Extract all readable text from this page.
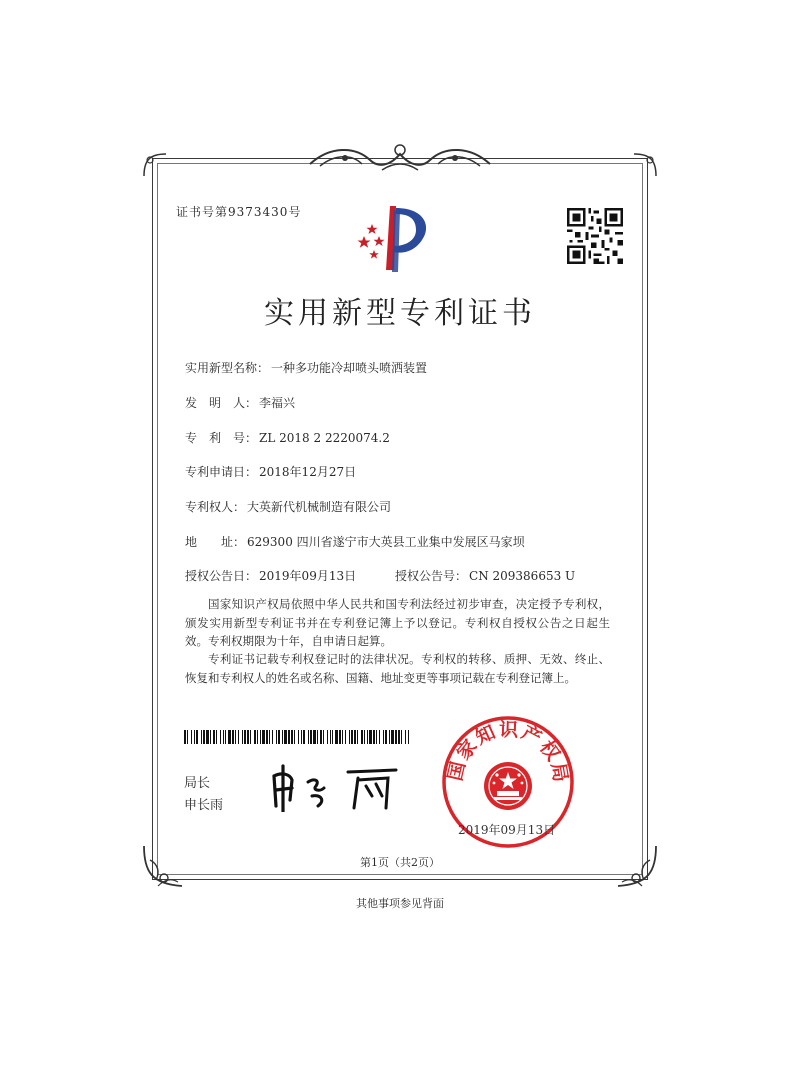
证书号第9373430号
实用新型专利证书
实用新型名称： 一种多功能冷却喷头喷洒装置
发　明　人： 李福兴
专　利　号： ZL 2018 2 2220074.2
专利申请日： 2018年12月27日
专利权人： 大英新代机械制造有限公司
地　　址： 629300 四川省遂宁市大英县工业集中发展区马家坝
授权公告日： 2019年09月13日	授权公告号： CN 209386653 U
国家知识产权局依照中华人民共和国专利法经过初步审查，决定授予专利权，颁发实用新型专利证书并在专利登记簿上予以登记。专利权自授权公告之日起生效。专利权期限为十年，自申请日起算。
专利证书记载专利权登记时的法律状况。专利权的转移、质押、无效、终止、恢复和专利权人的姓名或名称、国籍、地址变更等事项记载在专利登记簿上。
局长
申长雨
国家知识产权局
2019年09月13日
第1页（共2页）
其他事项参见背面
